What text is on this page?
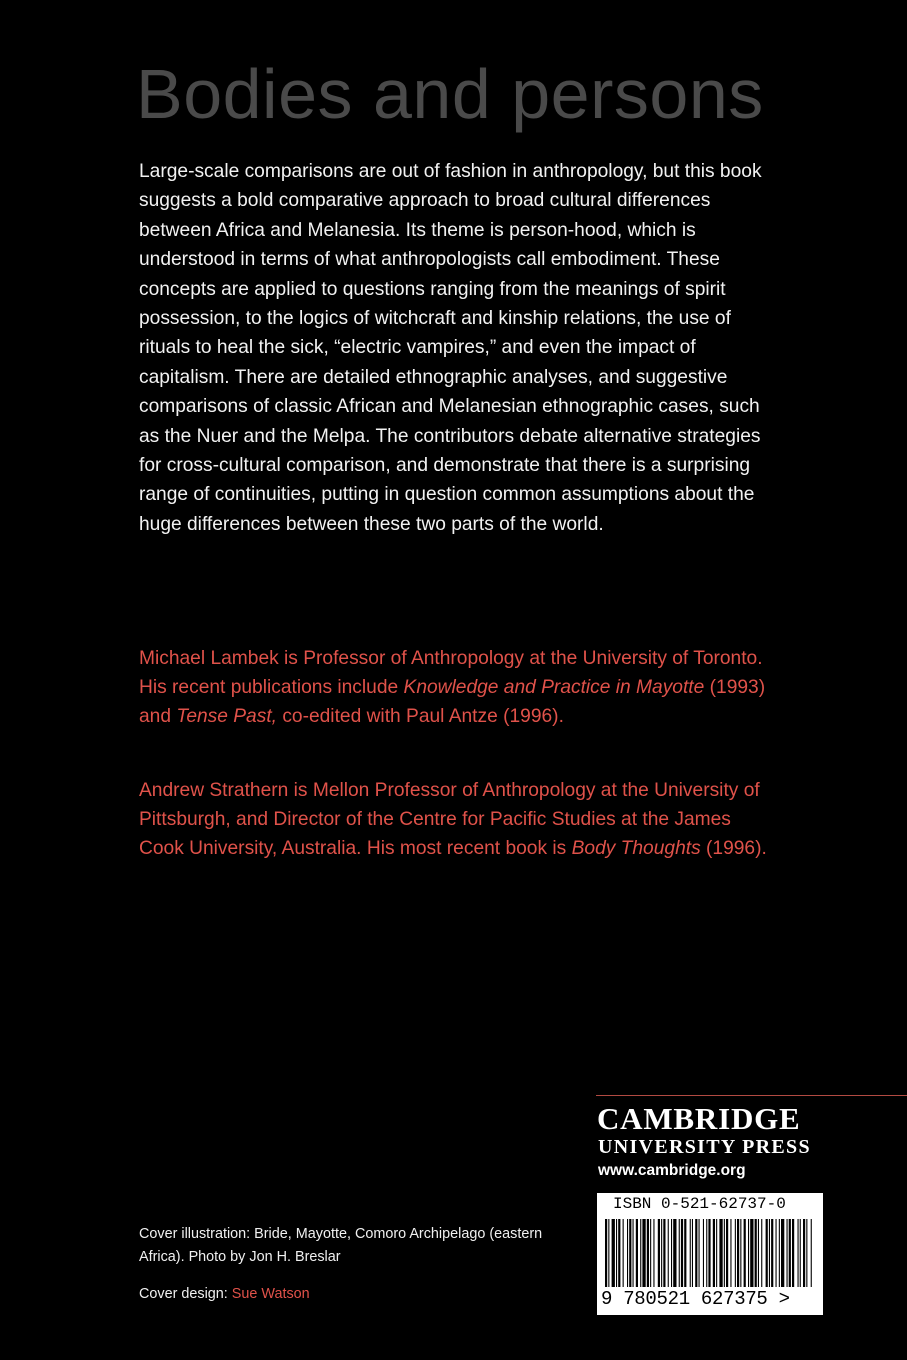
Bodies and persons

Large-scale comparisons are out of fashion in anthropology, but this book suggests a bold comparative approach to broad cultural differences between Africa and Melanesia. Its theme is person-hood, which is understood in terms of what anthropologists call embodiment. These concepts are applied to questions ranging from the meanings of spirit possession, to the logics of witchcraft and kinship relations, the use of rituals to heal the sick, “electric vampires,” and even the impact of capitalism. There are detailed ethnographic analyses, and suggestive comparisons of classic African and Melanesian ethnographic cases, such as the Nuer and the Melpa. The contributors debate alternative strategies for cross-cultural comparison, and demonstrate that there is a surprising range of continuities, putting in question common assumptions about the huge differences between these two parts of the world.

Michael Lambek is Professor of Anthropology at the University of Toronto. His recent publications include Knowledge and Practice in Mayotte (1993) and Tense Past, co-edited with Paul Antze (1996).

Andrew Strathern is Mellon Professor of Anthropology at the University of Pittsburgh, and Director of the Centre for Pacific Studies at the James Cook University, Australia. His most recent book is Body Thoughts (1996).

CAMBRIDGE

UNIVERSITY PRESS

www.cambridge.org

ISBN 0-521-62737-0

9 780521 627375 >

Cover illustration: Bride, Mayotte, Comoro Archipelago (eastern Africa). Photo by Jon H. Breslar

Cover design: Sue Watson
